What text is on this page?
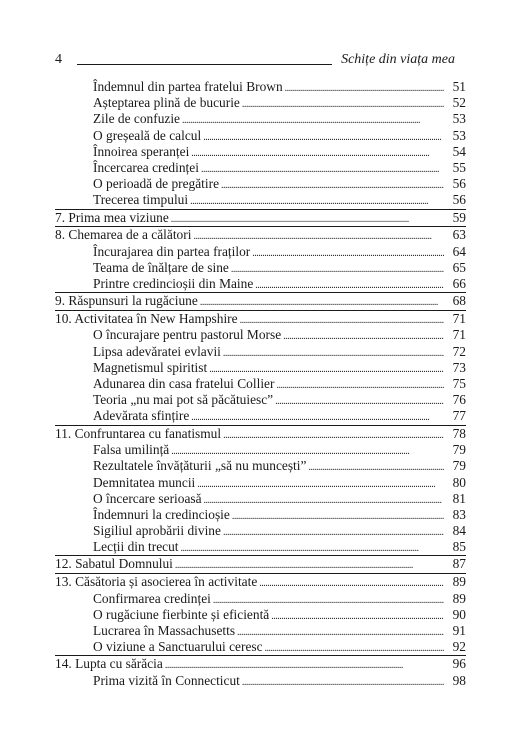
4	Schițe din viața mea
Îndemnul din partea fratelui Brown . . .	51
Așteptarea plină de bucurie . . .	52
Zile de confuzie . . .	53
O greșeală de calcul . . .	53
Înnoirea speranței . . .	54
Încercarea credinței . . .	55
O perioadă de pregătire . . .	56
Trecerea timpului . . .	56
7. Prima mea viziune . . .	59
8. Chemarea de a călători . . .	63
Încurajarea din partea fraților . . .	64
Teama de înălțare de sine . . .	65
Printre credincioșii din Maine . . .	66
9. Răspunsuri la rugăciune . . .	68
10. Activitatea în New Hampshire . . .	71
O încurajare pentru pastorul Morse . . .	71
Lipsa adevăratei evlavii . . .	72
Magnetismul spiritist . . .	73
Adunarea din casa fratelui Collier . . .	75
Teoria „nu mai pot să păcătuiesc” . . .	76
Adevărata sfințire . . .	77
11. Confruntarea cu fanatismul . . .	78
Falsa umilință . . .	79
Rezultatele învățăturii „să nu muncești” . . .	79
Demnitatea muncii . . .	80
O încercare serioasă . . .	81
Îndemnuri la credincioșie . . .	83
Sigiliul aprobării divine . . .	84
Lecții din trecut . . .	85
12. Sabatul Domnului . . .	87
13. Căsătoria și asocierea în activitate . . .	89
Confirmarea credinței . . .	89
O rugăciune fierbinte și eficientă . . .	90
Lucrarea în Massachusetts . . .	91
O viziune a Sanctuarului ceresc . . .	92
14. Lupta cu sărăcia . . .	96
Prima vizită în Connecticut . . .	98
